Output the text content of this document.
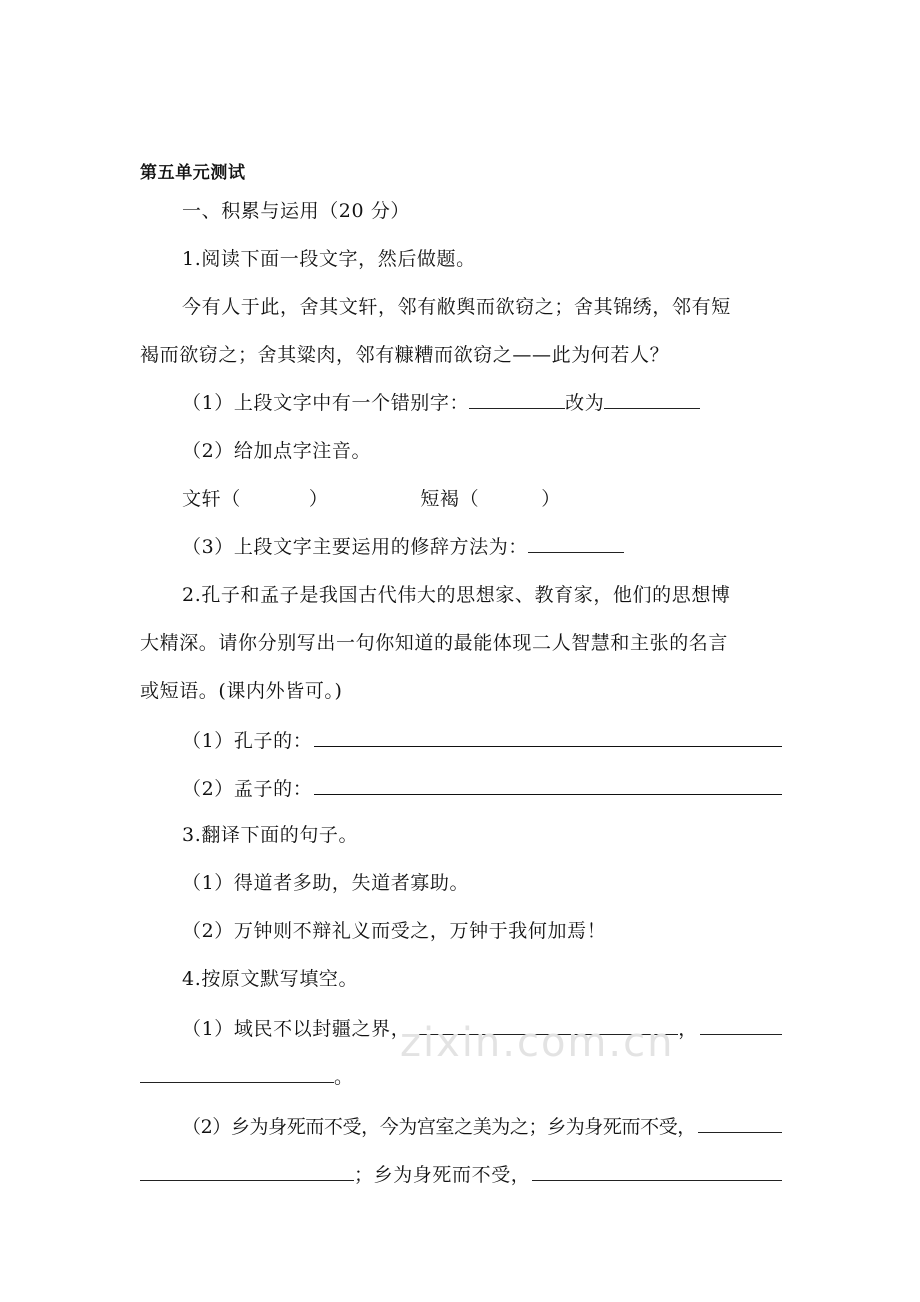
第五单元测试

一、积累与运用（20 分）

1.阅读下面一段文字，然后做题。

今有人于此，舍其文轩，邻有敝舆而欲窃之；舍其锦绣，邻有短

褐而欲窃之；舍其粱肉，邻有糠糟而欲窃之——此为何若人？

（1）上段文字中有一个错别字：	改为

（2）给加点字注音。

文轩（	）	短褐（	）

（3）上段文字主要运用的修辞方法为：

2.孔子和孟子是我国古代伟大的思想家、教育家，他们的思想博

大精深。请你分别写出一句你知道的最能体现二人智慧和主张的名言

或短语。(课内外皆可。)

（1）孔子的：
（2）孟子的：

3.翻译下面的句子。

（1）得道者多助，失道者寡助。

（2）万钟则不辩礼义而受之，万钟于我何加焉！

4.按原文默写填空。

（1）域民不以封疆之界，	，
。
（2）乡为身死而不受，今为宫室之美为之；乡为身死而不受，
；乡为身死而不受，
zixin.com.cn
